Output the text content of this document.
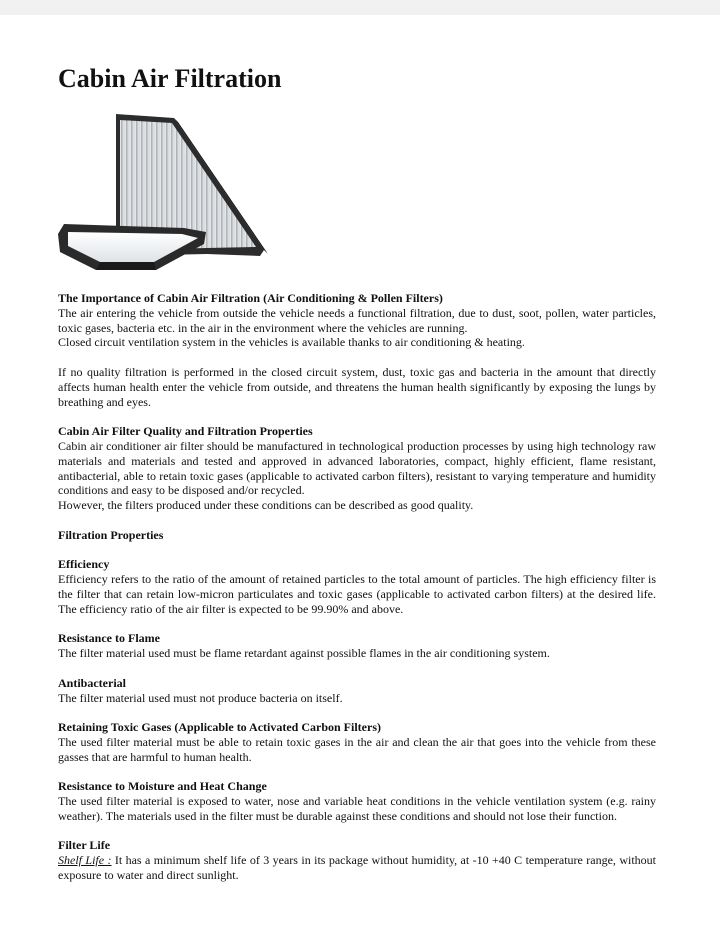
Cabin Air Filtration

The Importance of Cabin Air Filtration (Air Conditioning & Pollen Filters)

The air entering the vehicle from outside the vehicle needs a functional filtration, due to dust, soot, pollen, water particles, toxic gases, bacteria etc. in the air in the environment where the vehicles are running.

Closed circuit ventilation system in the vehicles is available thanks to air conditioning & heating.

If no quality filtration is performed in the closed circuit system, dust, toxic gas and bacteria in the amount that directly affects human health enter the vehicle from outside, and threatens the human health significantly by exposing the lungs by breathing and eyes.

Cabin Air Filter Quality and Filtration Properties

Cabin air conditioner air filter should be manufactured in technological production processes by using high technology raw materials and materials and tested and approved in advanced laboratories, compact, highly efficient, flame resistant, antibacterial, able to retain toxic gases (applicable to activated carbon filters), resistant to varying temperature and humidity conditions and easy to be disposed and/or recycled.

However, the filters produced under these conditions can be described as good quality.

Filtration Properties

Efficiency

Efficiency refers to the ratio of the amount of retained particles to the total amount of particles. The high efficiency filter is the filter that can retain low-micron particulates and toxic gases (applicable to activated carbon filters) at the desired life. The efficiency ratio of the air filter is expected to be 99.90% and above.

Resistance to Flame

The filter material used must be flame retardant against possible flames in the air conditioning system.

Antibacterial

The filter material used must not produce bacteria on itself.

Retaining Toxic Gases (Applicable to Activated Carbon Filters)

The used filter material must be able to retain toxic gases in the air and clean the air that goes into the vehicle from these gasses that are harmful to human health.

Resistance to Moisture and Heat Change

The used filter material is exposed to water, nose and variable heat conditions in the vehicle ventilation system (e.g. rainy weather). The materials used in the filter must be durable against these conditions and should not lose their function.

Filter Life

Shelf Life : It has a minimum shelf life of 3 years in its package without humidity, at -10 +40 C temperature range, without exposure to water and direct sunlight.
